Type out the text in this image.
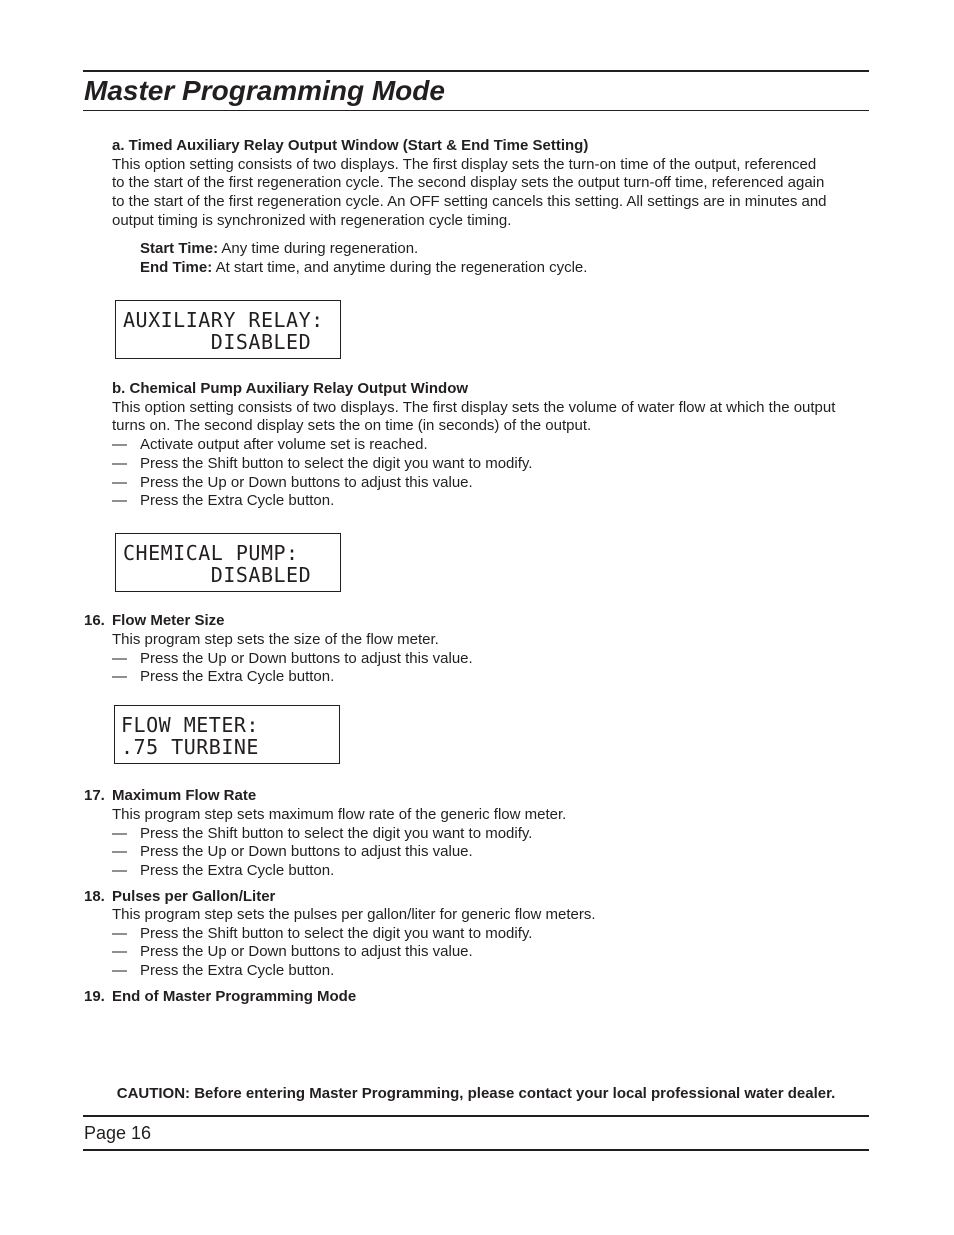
Master Programming Mode
a. Timed Auxiliary Relay Output Window (Start & End Time Setting)
This option setting consists of two displays. The first display sets the turn-on time of the output, referenced
to the start of the first regeneration cycle. The second display sets the output turn-off time, referenced again
to the start of the first regeneration cycle. An OFF setting cancels this setting. All settings are in minutes and
output timing is synchronized with regeneration cycle timing.
Start Time: Any time during regeneration.
End Time: At start time, and anytime during the regeneration cycle.
AUXILIARY RELAY:
DISABLED
b. Chemical Pump Auxiliary Relay Output Window
This option setting consists of two displays. The first display sets the volume of water flow at which the output
turns on. The second display sets the on time (in seconds) of the output.
— Activate output after volume set is reached.
— Press the Shift button to select the digit you want to modify.
— Press the Up or Down buttons to adjust this value.
— Press the Extra Cycle button.
CHEMICAL PUMP:
DISABLED
16. Flow Meter Size
This program step sets the size of the flow meter.
— Press the Up or Down buttons to adjust this value.
— Press the Extra Cycle button.
FLOW METER:
.75 TURBINE
17. Maximum Flow Rate
This program step sets maximum flow rate of the generic flow meter.
— Press the Shift button to select the digit you want to modify.
— Press the Up or Down buttons to adjust this value.
— Press the Extra Cycle button.
18. Pulses per Gallon/Liter
This program step sets the pulses per gallon/liter for generic flow meters.
— Press the Shift button to select the digit you want to modify.
— Press the Up or Down buttons to adjust this value.
— Press the Extra Cycle button.
19. End of Master Programming Mode
CAUTION: Before entering Master Programming, please contact your local professional water dealer.
Page 16
